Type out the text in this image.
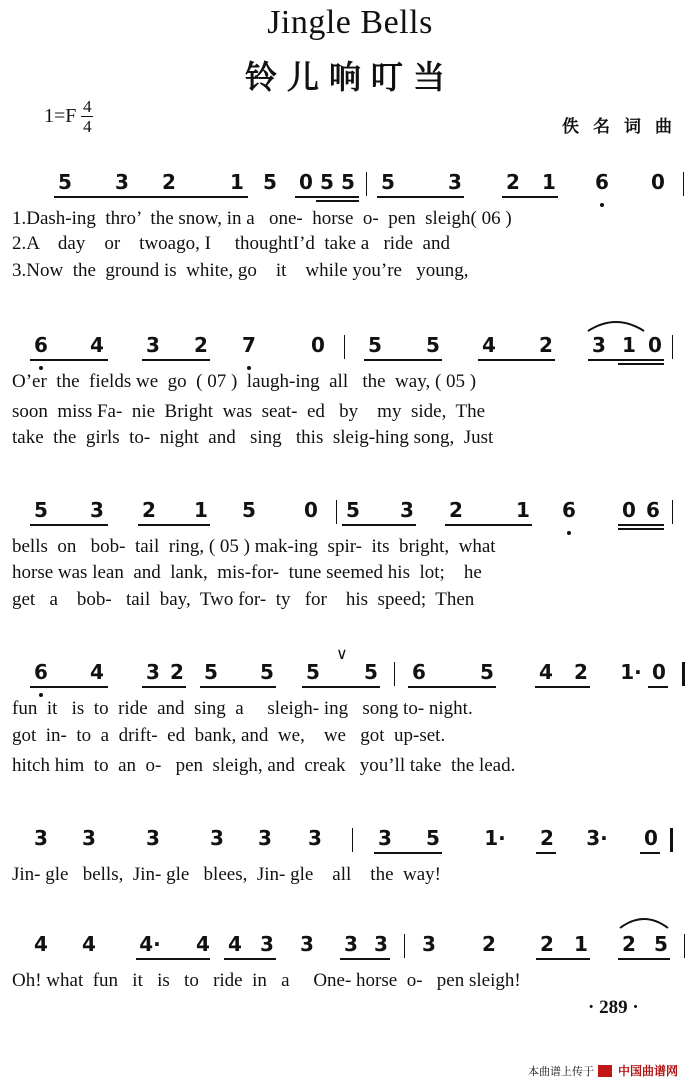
Jingle Bells
铃儿响叮当
1=F 4
4	佚名词曲
5 3 2	1 5 0 5 5 5	3 2 1 6 0
1.Dash-ing  thro’  the snow, in a   one-  horse  o-  pen  sleigh( 06 )
2.A    day    or    twoago, I     thoughtI’d  take a   ride  and
3.Now  the  ground is  white, go    it    while you’re   young,
6 4 3 2 7	0 5 5 4 2 3 1 0
O’er  the  fields we  go  ( 07 )  laugh-ing  all   the  way, ( 05 )
soon  miss Fa-  nie  Bright  was  seat-  ed   by    my  side,  The
take  the  girls  to-  night  and   sing   this  sleig-hing song,  Just
5 3 2 1 5 0 5 3 2	1 6 0 6
bells  on   bob-  tail  ring, ( 05 ) mak-ing  spir-  its  bright,  what
horse was lean  and  lank,  mis-for-  tune seemed his  lot;    he
get   a    bob-   tail  bay,  Two for-  ty   for    his  speed;  Then
6 4 3 2 5 5 5 5
∨
6	5 4 2 1· 0
fun  it   is  to  ride  and  sing  a     sleigh- ing   song to- night.
got  in-  to  a  drift-  ed  bank, and  we,    we   got  up-set.
hitch him  to  an  o-   pen  sleigh, and  creak   you’ll take  the lead.
3 3	3	3 3 3	3 5 1· 2 3· 0
Jin- gle   bells,  Jin- gle   blees,  Jin- gle    all    the  way!
4 4 4· 4 4 3 3 3 3 3 2 2 1 2 5
Oh! what  fun   it   is   to   ride  in   a     One- horse  o-   pen sleigh!
· 289 ·
本曲谱上传于 中国曲谱网
